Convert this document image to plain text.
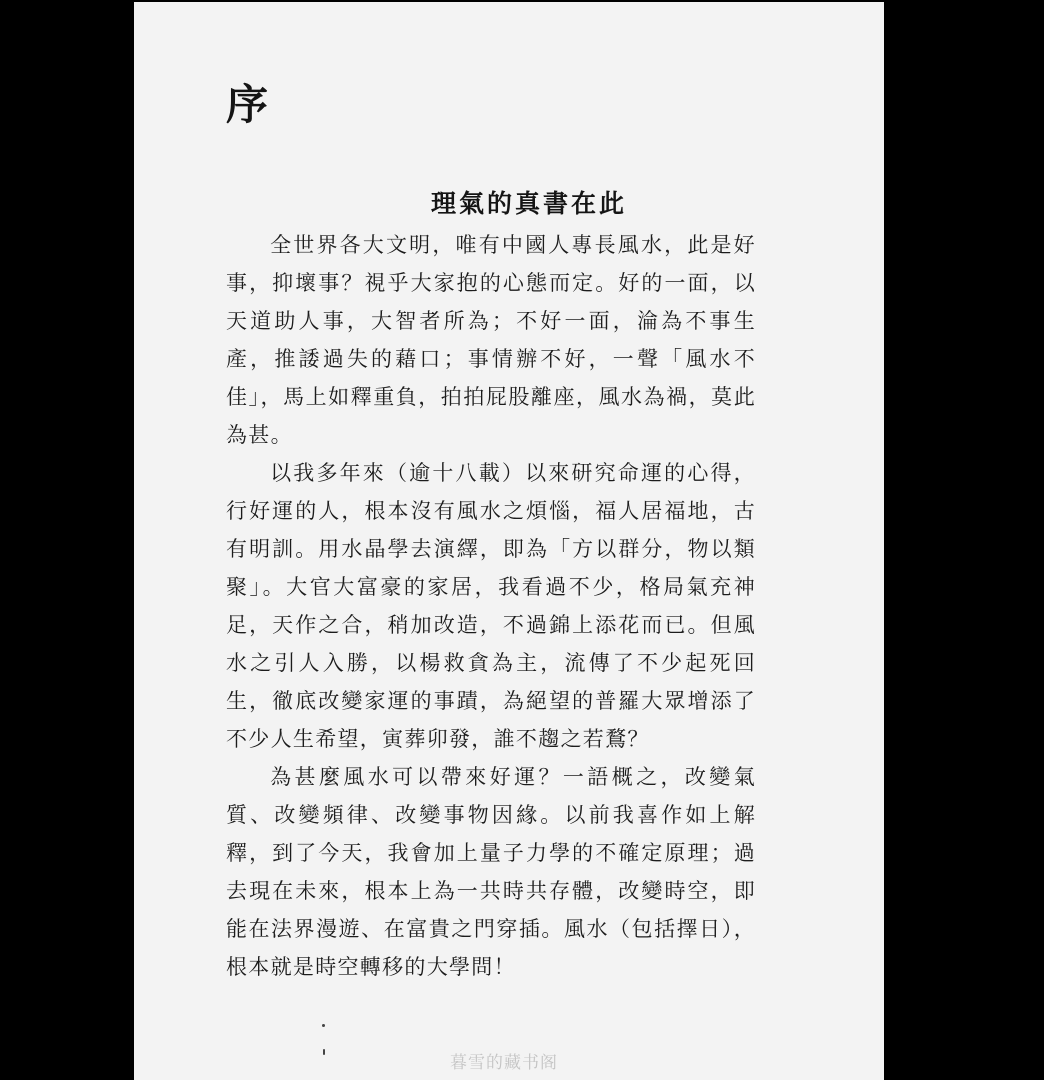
序
理氣的真書在此

全世界各大文明，唯有中國人專長風水，此是好事，抑壞事？視乎大家抱的心態而定。好的一面，以天道助人事，大智者所為；不好一面，淪為不事生產，推諉過失的藉口；事情辦不好，一聲「風水不佳」，馬上如釋重負，拍拍屁股離座，風水為禍，莫此為甚。

以我多年來（逾十八載）以來研究命運的心得，行好運的人，根本沒有風水之煩惱，福人居福地，古有明訓。用水晶學去演繹，即為「方以群分，物以類聚」。大官大富豪的家居，我看過不少，格局氣充神足，天作之合，稍加改造，不過錦上添花而已。但風水之引人入勝，以楊救貪為主，流傳了不少起死回生，徹底改變家運的事蹟，為絕望的普羅大眾增添了不少人生希望，寅葬卯發，誰不趨之若鶩？

為甚麼風水可以帶來好運？一語概之，改變氣質、改變頻律、改變事物因緣。以前我喜作如上解釋，到了今天，我會加上量子力學的不確定原理；過去現在未來，根本上為一共時共存體，改變時空，即能在法界漫遊、在富貴之門穿插。風水（包括擇日），根本就是時空轉移的大學問！

暮雪的藏书阁
